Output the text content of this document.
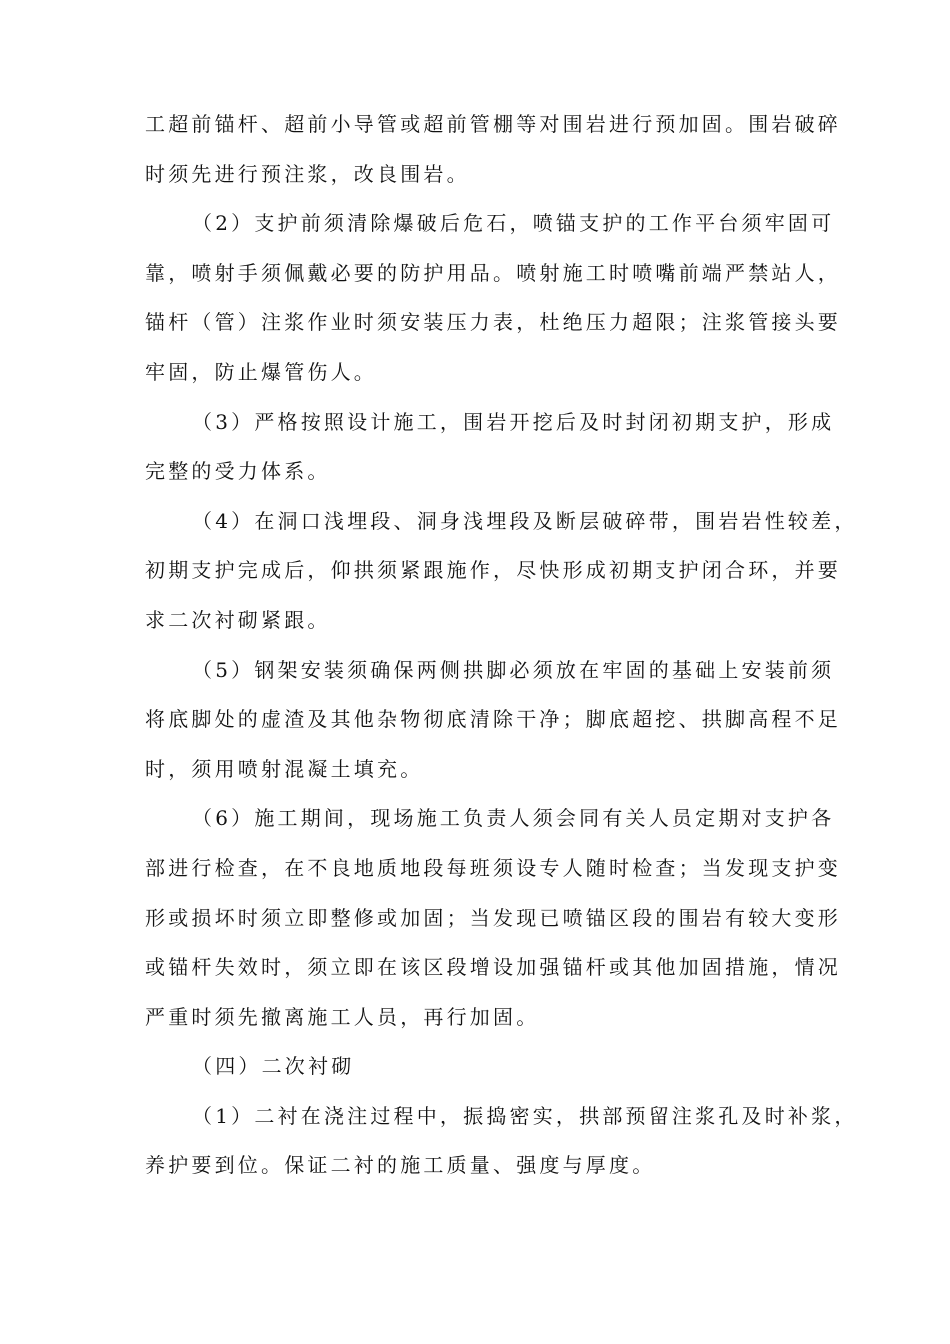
工超前锚杆、超前小导管或超前管棚等对围岩进行预加固。围岩破碎
时须先进行预注浆，改良围岩。
（2）支护前须清除爆破后危石，喷锚支护的工作平台须牢固可
靠，喷射手须佩戴必要的防护用品。喷射施工时喷嘴前端严禁站人，
锚杆（管）注浆作业时须安装压力表，杜绝压力超限；注浆管接头要
牢固，防止爆管伤人。
（3）严格按照设计施工，围岩开挖后及时封闭初期支护，形成
完整的受力体系。
（4）在洞口浅埋段、洞身浅埋段及断层破碎带，围岩岩性较差，
初期支护完成后，仰拱须紧跟施作，尽快形成初期支护闭合环，并要
求二次衬砌紧跟。
（5）钢架安装须确保两侧拱脚必须放在牢固的基础上安装前须
将底脚处的虚渣及其他杂物彻底清除干净；脚底超挖、拱脚高程不足
时，须用喷射混凝土填充。
（6）施工期间，现场施工负责人须会同有关人员定期对支护各
部进行检查，在不良地质地段每班须设专人随时检查；当发现支护变
形或损坏时须立即整修或加固；当发现已喷锚区段的围岩有较大变形
或锚杆失效时，须立即在该区段增设加强锚杆或其他加固措施，情况
严重时须先撤离施工人员，再行加固。
（四）二次衬砌
（1）二衬在浇注过程中，振捣密实，拱部预留注浆孔及时补浆，
养护要到位。保证二衬的施工质量、强度与厚度。
